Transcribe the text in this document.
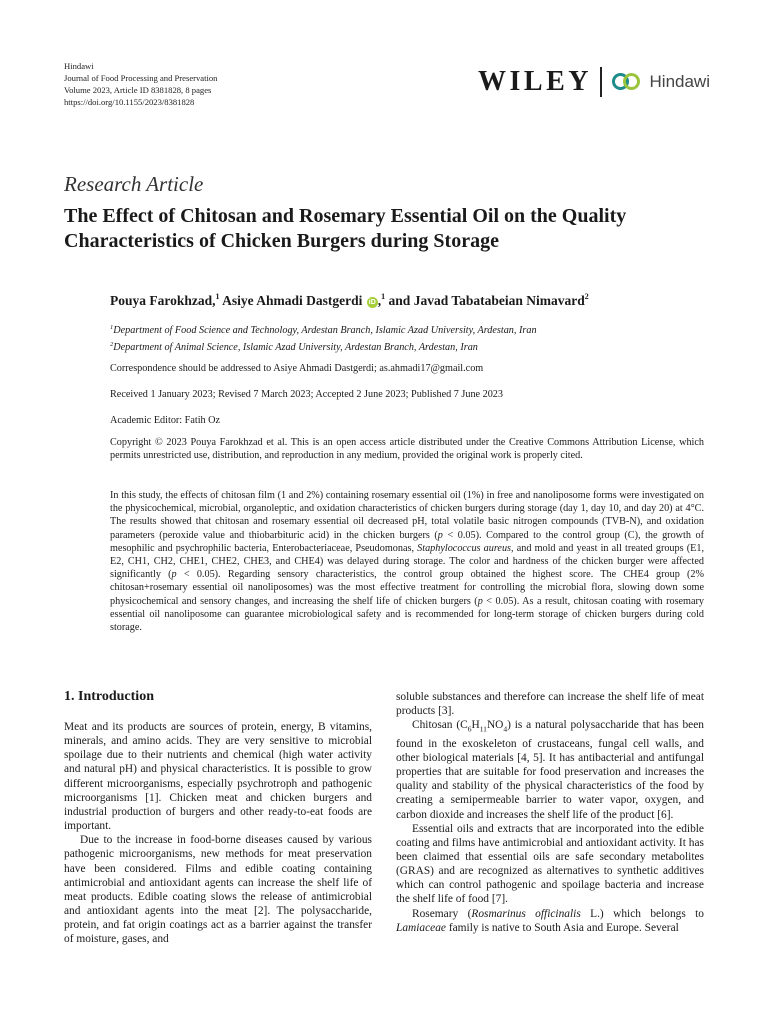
Hindawi
Journal of Food Processing and Preservation
Volume 2023, Article ID 8381828, 8 pages
https://doi.org/10.1155/2023/8381828
WILEY	Hindawi
Research Article
The Effect of Chitosan and Rosemary Essential Oil on the Quality Characteristics of Chicken Burgers during Storage
Pouya Farokhzad,$^1$ Asiye Ahmadi Dastgerdi iD ,$^1$ and Javad Tabatabeian Nimavard$^2$
$^1$Department of Food Science and Technology, Ardestan Branch, Islamic Azad University, Ardestan, Iran
$^2$Department of Animal Science, Islamic Azad University, Ardestan Branch, Ardestan, Iran
Correspondence should be addressed to Asiye Ahmadi Dastgerdi; as.ahmadi17@gmail.com
Received 1 January 2023; Revised 7 March 2023; Accepted 2 June 2023; Published 7 June 2023
Academic Editor: Fatih Oz
Copyright © 2023 Pouya Farokhzad et al. This is an open access article distributed under the Creative Commons Attribution License, which permits unrestricted use, distribution, and reproduction in any medium, provided the original work is properly cited.
In this study, the effects of chitosan film (1 and 2%) containing rosemary essential oil (1%) in free and nanoliposome forms were investigated on the physicochemical, microbial, organoleptic, and oxidation characteristics of chicken burgers during storage (day 1, day 10, and day 20) at 4°C. The results showed that chitosan and rosemary essential oil decreased pH, total volatile basic nitrogen compounds (TVB-N), and oxidation parameters (peroxide value and thiobarbituric acid) in the chicken burgers (p < 0.05). Compared to the control group (C), the growth of mesophilic and psychrophilic bacteria, Enterobacteriaceae, Pseudomonas, Staphylococcus aureus, and mold and yeast in all treated groups (E1, E2, CH1, CH2, CHE1, CHE2, CHE3, and CHE4) was delayed during storage. The color and hardness of the chicken burger were affected significantly (p < 0.05). Regarding sensory characteristics, the control group obtained the highest score. The CHE4 group (2% chitosan+rosemary essential oil nanoliposomes) was the most effective treatment for controlling the microbial flora, slowing down some physicochemical and sensory changes, and increasing the shelf life of chicken burgers (p < 0.05). As a result, chitosan coating with rosemary essential oil nanoliposome can guarantee microbiological safety and is recommended for long-term storage of chicken burgers during cold storage.
1. Introduction

Meat and its products are sources of protein, energy, B vitamins, minerals, and amino acids. They are very sensitive to microbial spoilage due to their nutrients and chemical (high water activity and natural pH) and physical characteristics. It is possible to grow different microorganisms, especially psychrotroph and pathogenic microorganisms [1]. Chicken meat and chicken burgers and industrial production of burgers and other ready-to-eat foods are important.

Due to the increase in food-borne diseases caused by various pathogenic microorganisms, new methods for meat preservation have been considered. Films and edible coating containing antimicrobial and antioxidant agents can increase the shelf life of meat products. Edible coating slows the release of antimicrobial and antioxidant agents into the meat [2]. The polysaccharide, protein, and fat origin coatings act as a barrier against the transfer of moisture, gases, and

soluble substances and therefore can increase the shelf life of meat products [3].

Chitosan $(C_6H_{11}NO_4)$ is a natural polysaccharide that has been found in the exoskeleton of crustaceans, fungal cell walls, and other biological materials [4, 5]. It has antibacterial and antifungal properties that are suitable for food preservation and increases the quality and stability of the physical characteristics of the food by creating a semipermeable barrier to water vapor, oxygen, and carbon dioxide and increases the shelf life of the product [6].

Essential oils and extracts that are incorporated into the edible coating and films have antimicrobial and antioxidant activity. It has been claimed that essential oils are safe secondary metabolites (GRAS) and are recognized as alternatives to synthetic additives which can control pathogenic and spoilage bacteria and increase the shelf life of food [7].

Rosemary (Rosmarinus officinalis L.) which belongs to Lamiaceae family is native to South Asia and Europe. Several
